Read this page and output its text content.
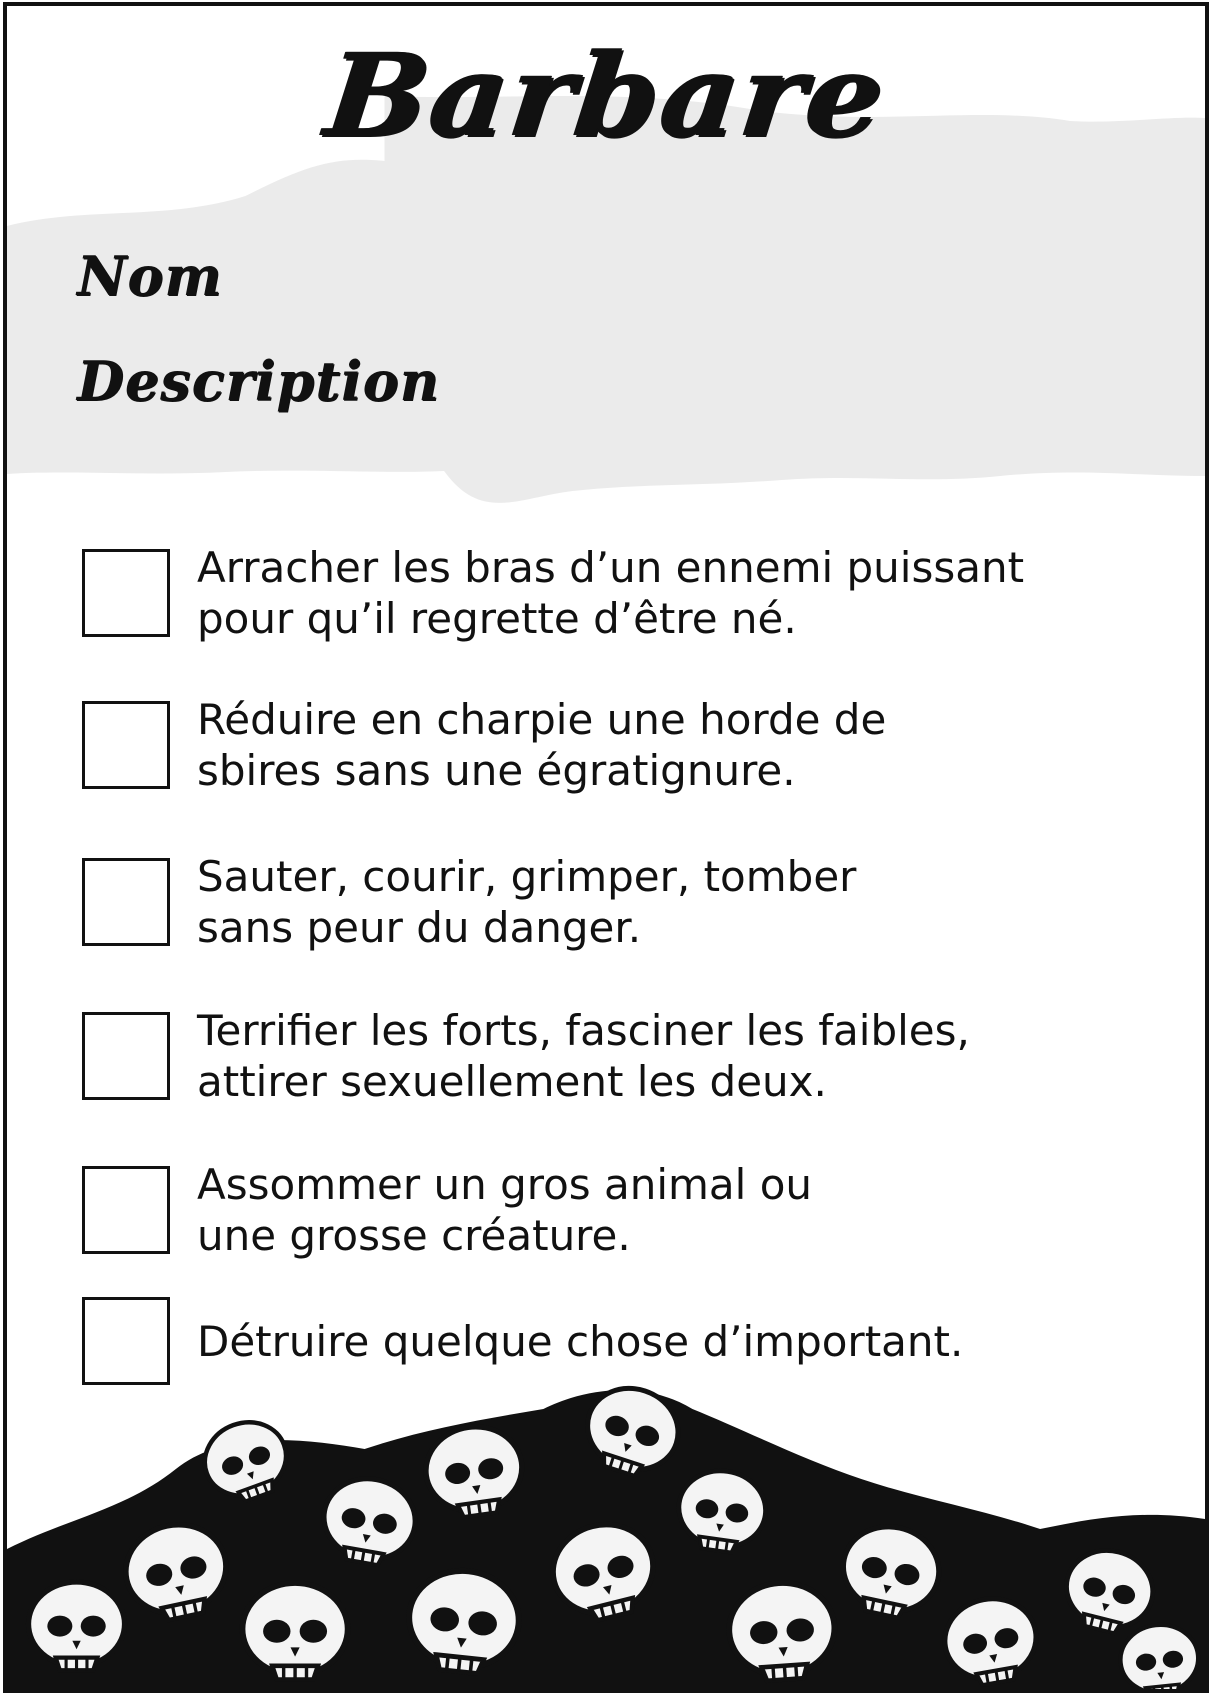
Barbare
Nom
Description
Arracher les bras d’un ennemi puissant
pour qu’il regrette d’être né.
Réduire en charpie une horde de
sbires sans une égratignure.
Sauter, courir, grimper, tomber
sans peur du danger.
Terrifier les forts, fasciner les faibles,
attirer sexuellement les deux.
Assommer un gros animal ou
une grosse créature.
Détruire quelque chose d’important.
